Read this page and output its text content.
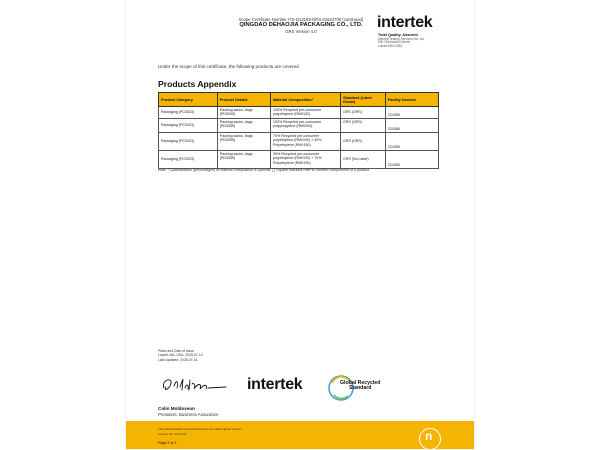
Scope Certificate Number ITS-Q13183-GRS-01522700 (continued)
QINGDAO DEHAOJIA PACKAGING CO., LTD.
GRS Version 4.0
intertek
Total Quality. Assured.
Intertek Testing Services NA, Inc.
900 Chelmsford Street
Lowell MA 01851
Under the scope of this certificate, the following products are covered.
Products Appendix
Product Category	Product Details	Material Composition*	Standard (Label Grade)	Facility Number
Packaging (PC0023)	Packing sacks, bags (PD0055)	100% Recycled pre-consumer polyethylene (RM0192)	GRS (GRS)	224385
Packaging (PC0023)	Packing sacks, bags (PD0055)	100% Recycled pre-consumer polypropylene (RM0204)	GRS (GRS)	224385
Packaging (PC0023)	Packing sacks, bags (PD0055)	70% Recycled pre-consumer polyethylene (RM0192) + 30% Polyethylene (RM0190)	GRS (GRS)	224385
Packaging (PC0023)	Packing sacks, bags (PD0055)	30% Recycled pre-consumer polyethylene (RM0192) + 70% Polyethylene (RM0190)	GRS (No Label)	224385
Note: * Quantification (percentages) of material composition is optional. [ ] Square brackets refer to certified components of a product.
Place and Date of Issue
Lowell, MA, USA, 2025-07-14
Last Updated: 2025-07-14
intertek	Global Recycled
Standard
Colin Moldovean
President, Business Assurance
This electronically issued document is the valid original version
License No. CU 1041
Page 2 of 3	n
